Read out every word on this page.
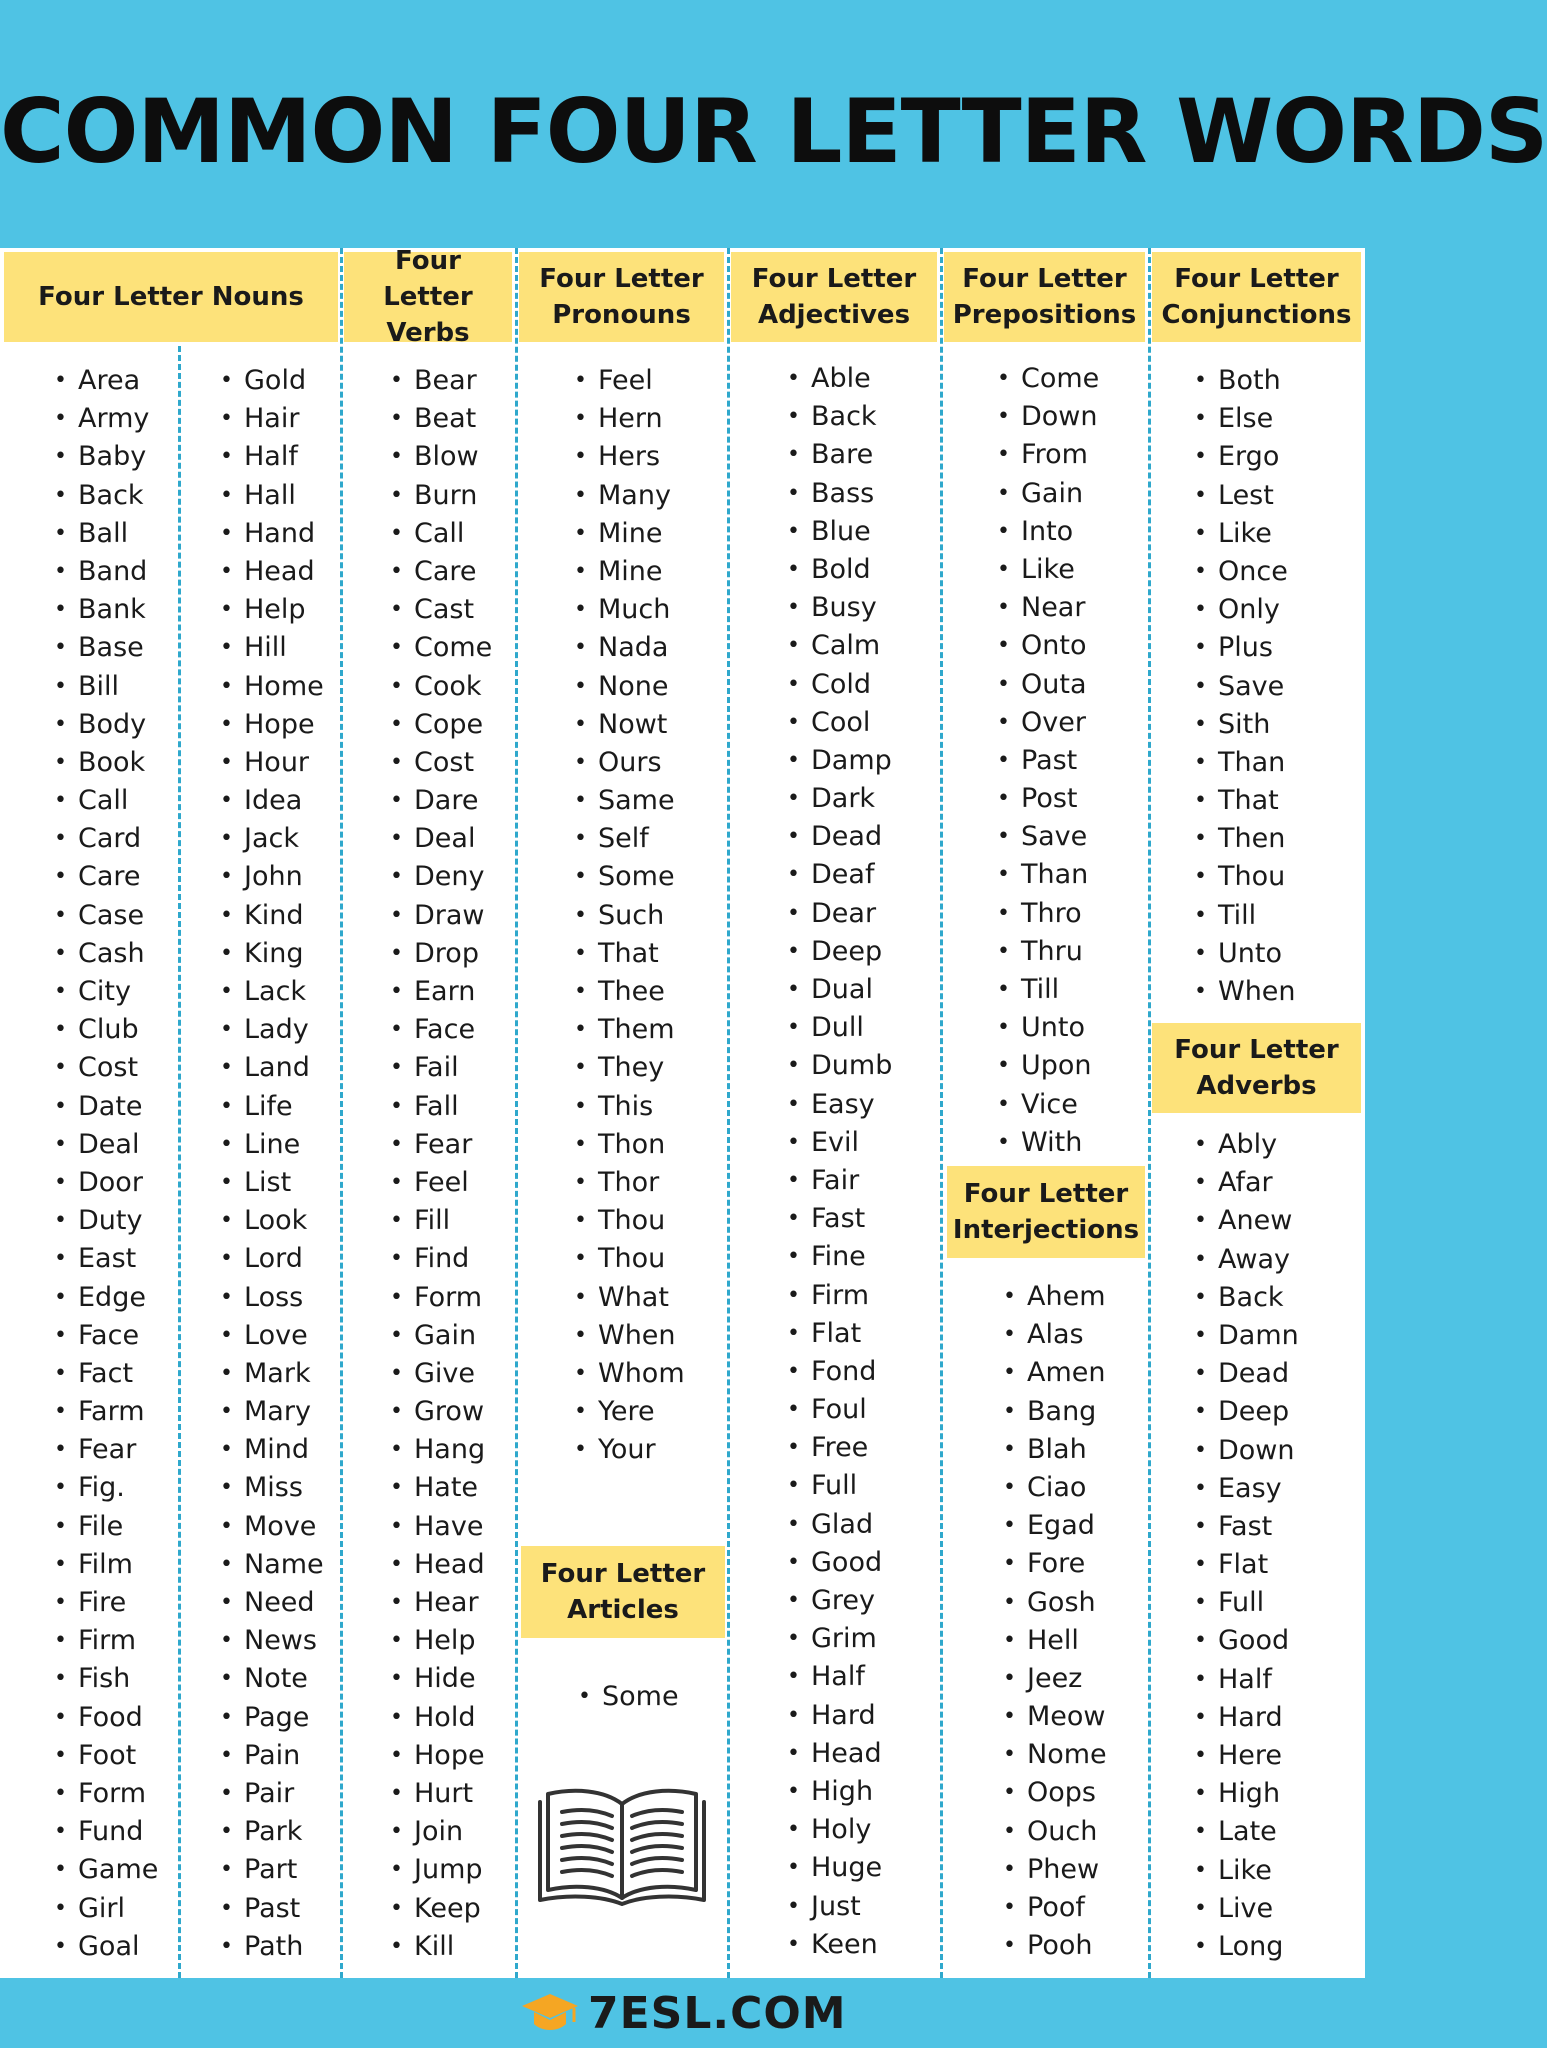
COMMON FOUR LETTER WORDS
Four Letter Nouns
Four Letter
Verbs
Four Letter
Pronouns
Four Letter
Adjectives
Four Letter
Prepositions
Four Letter
Conjunctions
Four Letter
Articles
Four Letter
Interjections
Four Letter
Adverbs
• Area
• Army
• Baby
• Back
• Ball
• Band
• Bank
• Base
• Bill
• Body
• Book
• Call
• Card
• Care
• Case
• Cash
• City
• Club
• Cost
• Date
• Deal
• Door
• Duty
• East
• Edge
• Face
• Fact
• Farm
• Fear
• Fig.
• File
• Film
• Fire
• Firm
• Fish
• Food
• Foot
• Form
• Fund
• Game
• Girl
• Goal
• Gold
• Hair
• Half
• Hall
• Hand
• Head
• Help
• Hill
• Home
• Hope
• Hour
• Idea
• Jack
• John
• Kind
• King
• Lack
• Lady
• Land
• Life
• Line
• List
• Look
• Lord
• Loss
• Love
• Mark
• Mary
• Mind
• Miss
• Move
• Name
• Need
• News
• Note
• Page
• Pain
• Pair
• Park
• Part
• Past
• Path
• Bear
• Beat
• Blow
• Burn
• Call
• Care
• Cast
• Come
• Cook
• Cope
• Cost
• Dare
• Deal
• Deny
• Draw
• Drop
• Earn
• Face
• Fail
• Fall
• Fear
• Feel
• Fill
• Find
• Form
• Gain
• Give
• Grow
• Hang
• Hate
• Have
• Head
• Hear
• Help
• Hide
• Hold
• Hope
• Hurt
• Join
• Jump
• Keep
• Kill
• Feel
• Hern
• Hers
• Many
• Mine
• Mine
• Much
• Nada
• None
• Nowt
• Ours
• Same
• Self
• Some
• Such
• That
• Thee
• Them
• They
• This
• Thon
• Thor
• Thou
• Thou
• What
• When
• Whom
• Yere
• Your
• Some
• Able
• Back
• Bare
• Bass
• Blue
• Bold
• Busy
• Calm
• Cold
• Cool
• Damp
• Dark
• Dead
• Deaf
• Dear
• Deep
• Dual
• Dull
• Dumb
• Easy
• Evil
• Fair
• Fast
• Fine
• Firm
• Flat
• Fond
• Foul
• Free
• Full
• Glad
• Good
• Grey
• Grim
• Half
• Hard
• Head
• High
• Holy
• Huge
• Just
• Keen
• Come
• Down
• From
• Gain
• Into
• Like
• Near
• Onto
• Outa
• Over
• Past
• Post
• Save
• Than
• Thro
• Thru
• Till
• Unto
• Upon
• Vice
• With
• Ahem
• Alas
• Amen
• Bang
• Blah
• Ciao
• Egad
• Fore
• Gosh
• Hell
• Jeez
• Meow
• Nome
• Oops
• Ouch
• Phew
• Poof
• Pooh
• Both
• Else
• Ergo
• Lest
• Like
• Once
• Only
• Plus
• Save
• Sith
• Than
• That
• Then
• Thou
• Till
• Unto
• When
• Ably
• Afar
• Anew
• Away
• Back
• Damn
• Dead
• Deep
• Down
• Easy
• Fast
• Flat
• Full
• Good
• Half
• Hard
• Here
• High
• Late
• Like
• Live
• Long
7ESL.COM
